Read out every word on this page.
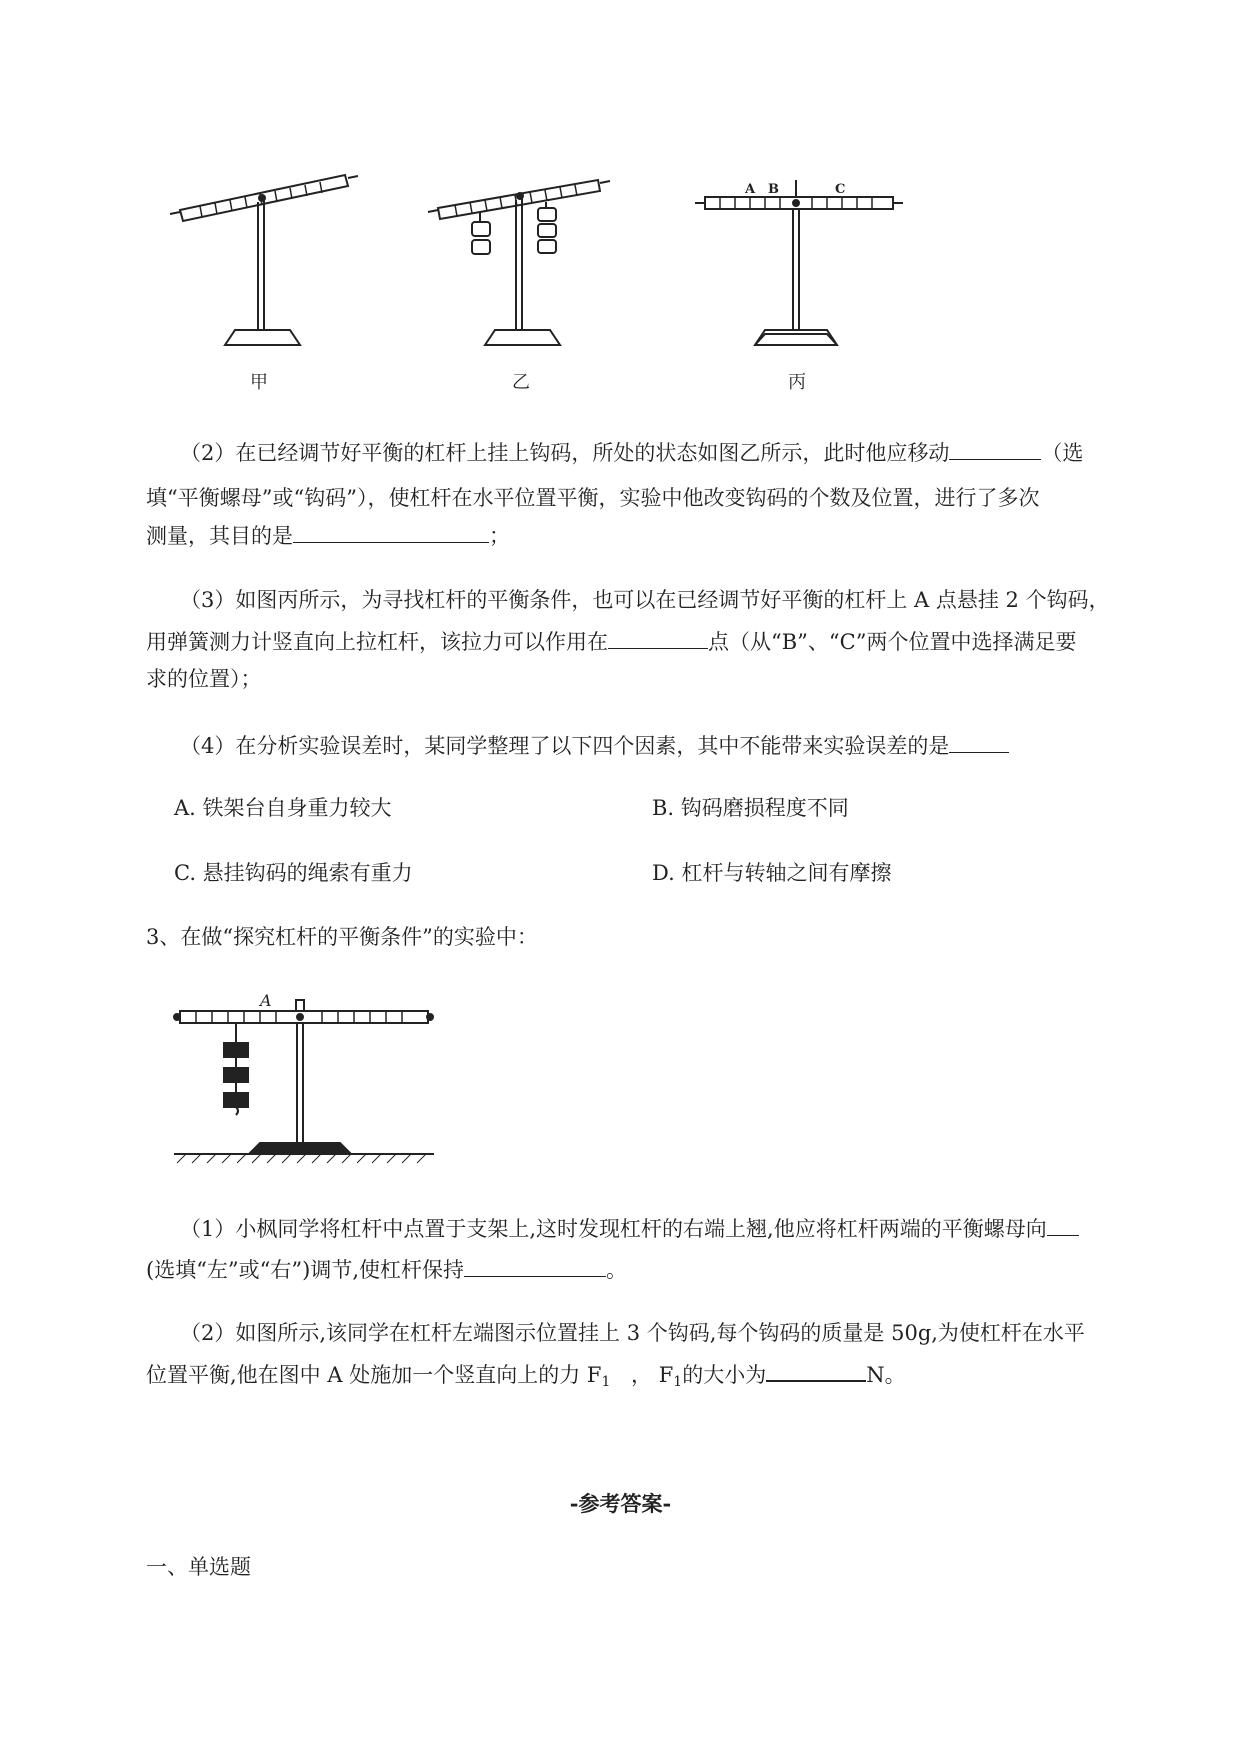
甲	乙	丙
A B	C
（2）在已经调节好平衡的杠杆上挂上钩码，所处的状态如图乙所示，此时他应移动	（选
填“平衡螺母”或“钩码”），使杠杆在水平位置平衡，实验中他改变钩码的个数及位置，进行了多次
测量，其目的是	；
（3）如图丙所示，为寻找杠杆的平衡条件，也可以在已经调节好平衡的杠杆上 A 点悬挂 2 个钩码，
用弹簧测力计竖直向上拉杠杆，该拉力可以作用在	点（从“B”、“C”两个位置中选择满足要
求的位置）；
（4）在分析实验误差时，某同学整理了以下四个因素，其中不能带来实验误差的是
A. 铁架台自身重力较大	B. 钩码磨损程度不同
C. 悬挂钩码的绳索有重力	D. 杠杆与转轴之间有摩擦
3、在做“探究杠杆的平衡条件”的实验中：
A
（1）小枫同学将杠杆中点置于支架上,这时发现杠杆的右端上翘,他应将杠杆两端的平衡螺母向
(选填“左”或“右”)调节,使杠杆保持	。
（2）如图所示,该同学在杠杆左端图示位置挂上 3 个钩码,每个钩码的质量是 50g,为使杠杆在水平
位置平衡,他在图中 A 处施加一个竖直向上的力 $F_1$ ， $F_1$的大小为	N。
-参考答案-
一、单选题
